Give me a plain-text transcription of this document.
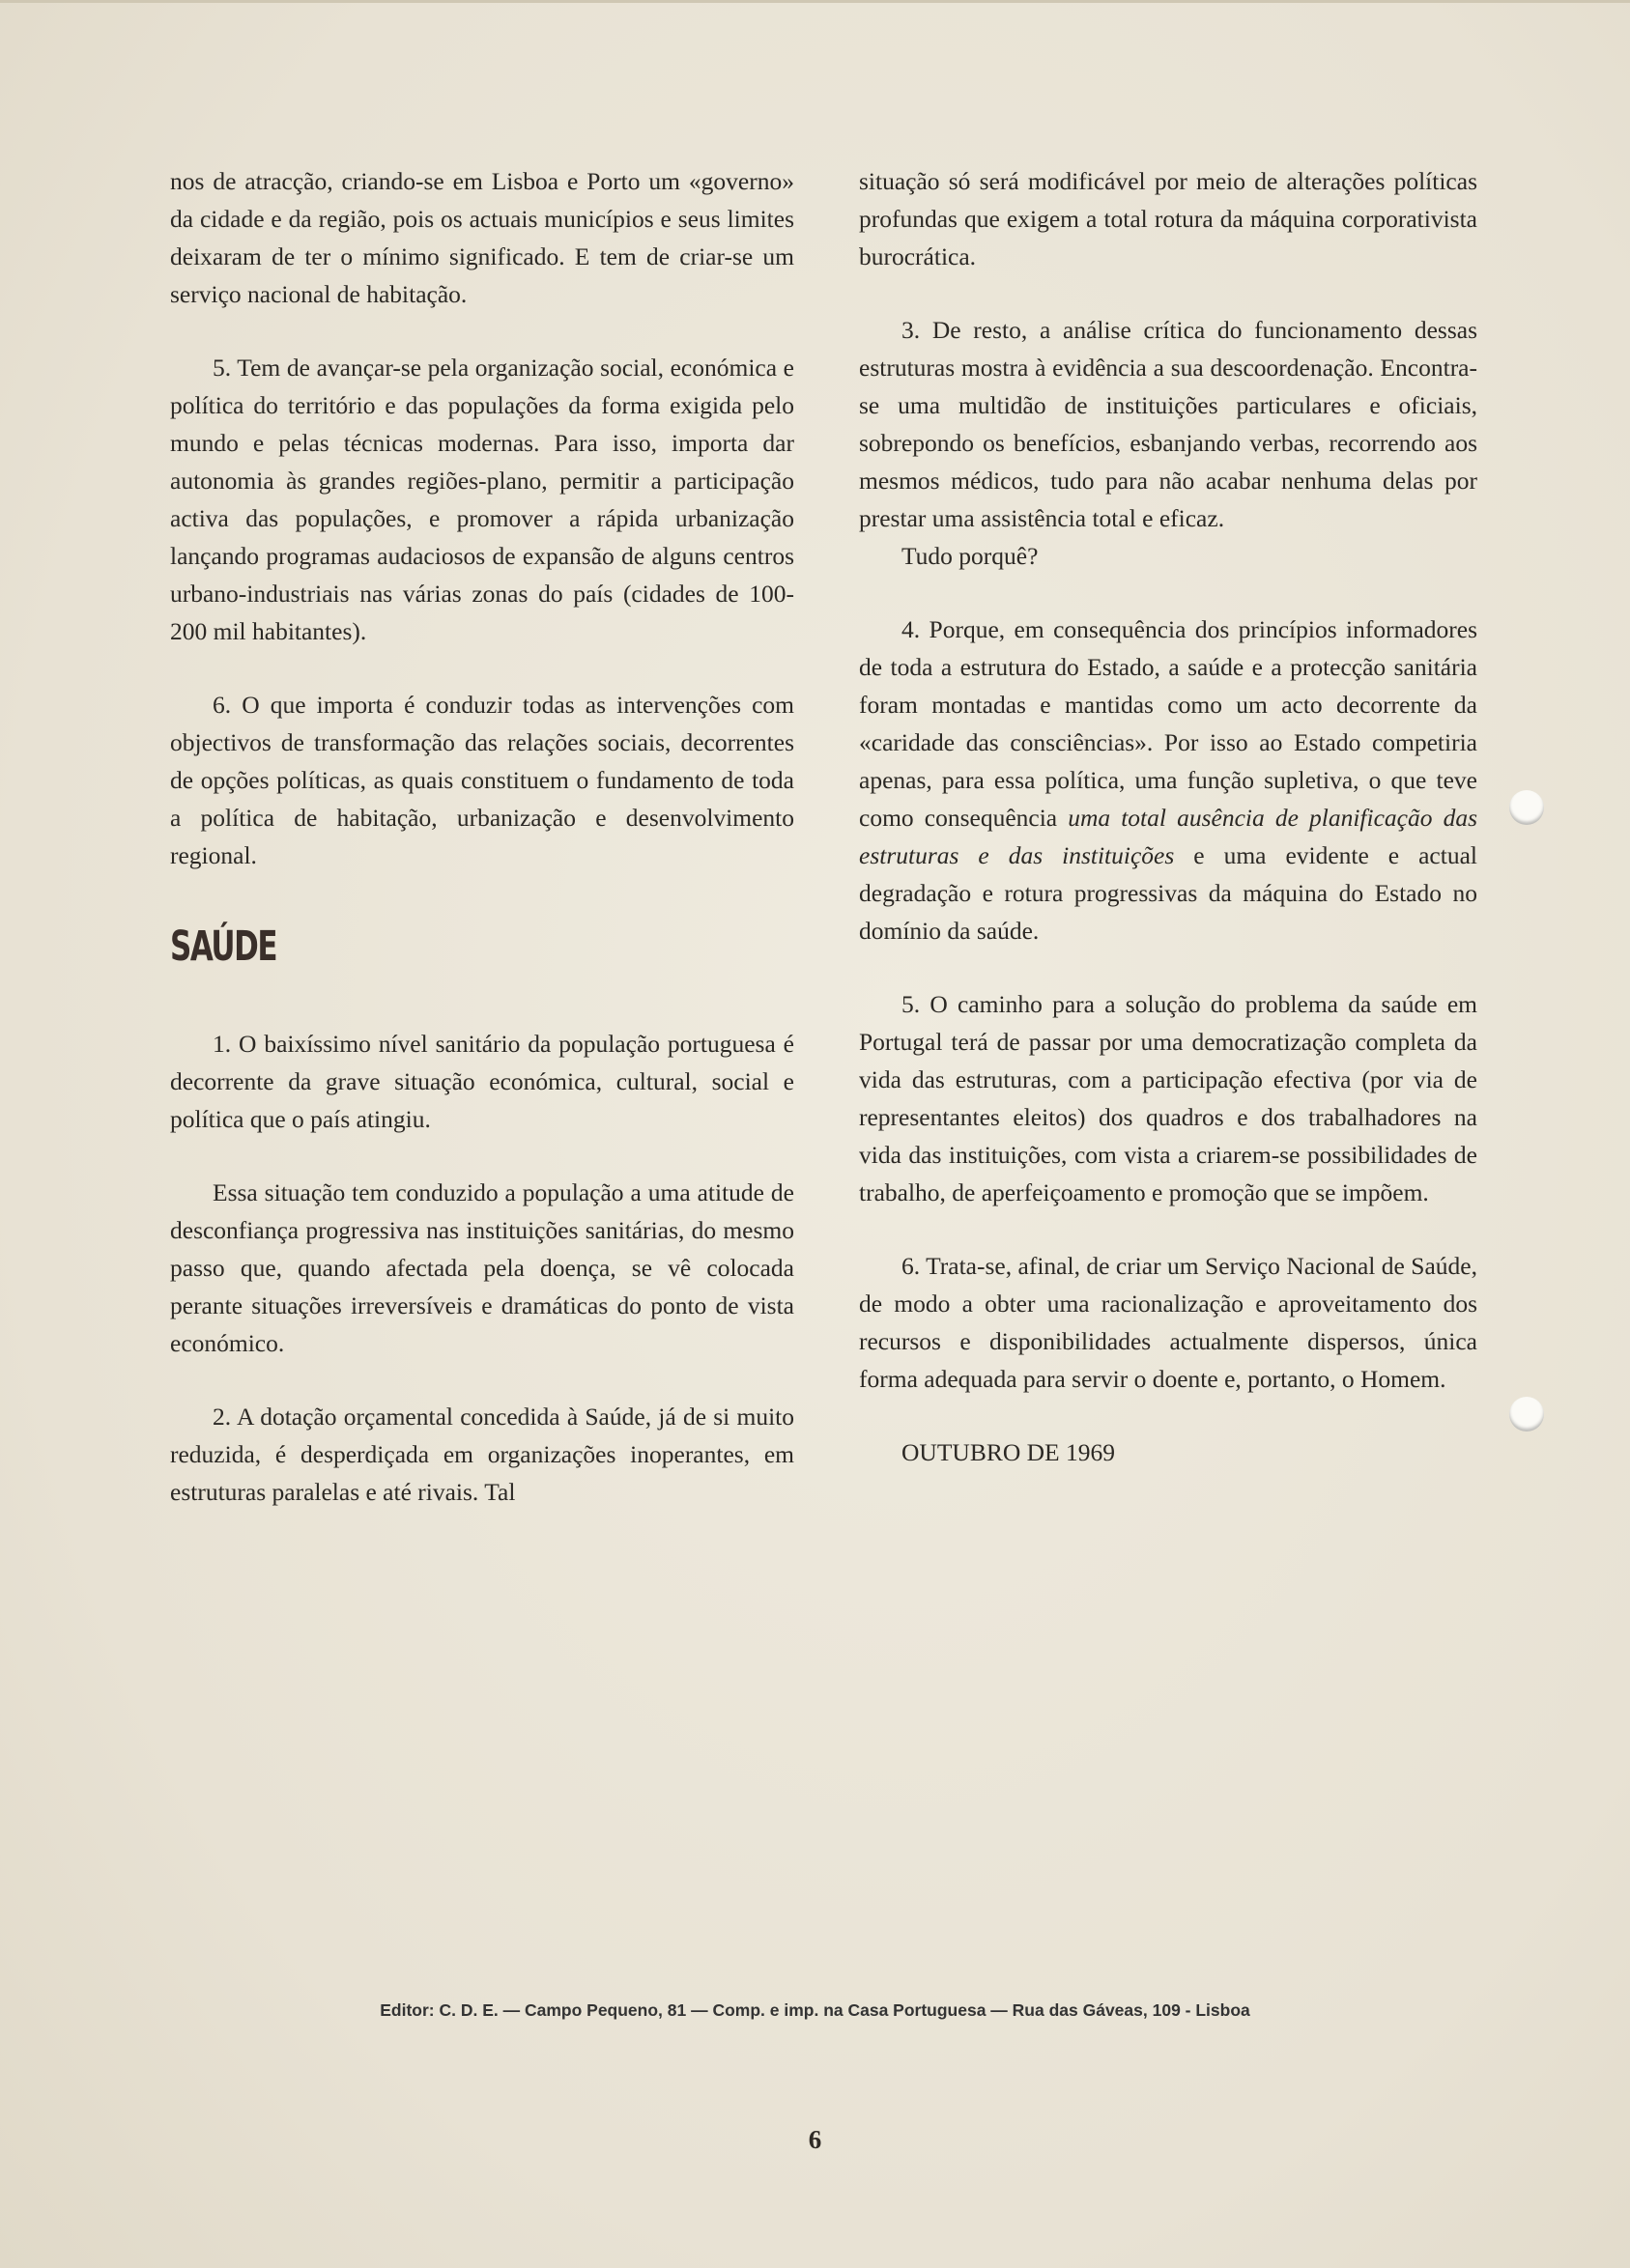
nos de atracção, criando-se em Lisboa e Porto um «governo» da cidade e da região, pois os actuais municípios e seus limites deixaram de ter o mínimo significado. E tem de criar-se um serviço nacional de habitação.

5. Tem de avançar-se pela organização social, económica e política do território e das populações da forma exigida pelo mundo e pelas técnicas modernas. Para isso, importa dar autonomia às grandes regiões-plano, permitir a participação activa das populações, e promover a rápida urbanização lançando programas audaciosos de expansão de alguns centros urbano-industriais nas várias zonas do país (cidades de 100-200 mil habitantes).

6. O que importa é conduzir todas as intervenções com objectivos de transformação das relações sociais, decorrentes de opções políticas, as quais constituem o fundamento de toda a política de habitação, urbanização e desenvolvimento regional.

SAÚDE

1. O baixíssimo nível sanitário da população portuguesa é decorrente da grave situação económica, cultural, social e política que o país atingiu.

Essa situação tem conduzido a população a uma atitude de desconfiança progressiva nas instituições sanitárias, do mesmo passo que, quando afectada pela doença, se vê colocada perante situações irreversíveis e dramáticas do ponto de vista económico.

2. A dotação orçamental concedida à Saúde, já de si muito reduzida, é desperdiçada em organizações inoperantes, em estruturas paralelas e até rivais. Tal

situação só será modificável por meio de alterações políticas profundas que exigem a total rotura da máquina corporativista burocrática.

3. De resto, a análise crítica do funcionamento dessas estruturas mostra à evidência a sua descoordenação. Encontra-se uma multidão de instituições particulares e oficiais, sobrepondo os benefícios, esbanjando verbas, recorrendo aos mesmos médicos, tudo para não acabar nenhuma delas por prestar uma assistência total e eficaz.

Tudo porquê?

4. Porque, em consequência dos princípios informadores de toda a estrutura do Estado, a saúde e a protecção sanitária foram montadas e mantidas como um acto decorrente da «caridade das consciências». Por isso ao Estado competiria apenas, para essa política, uma função supletiva, o que teve como consequência uma total ausência de planificação das estruturas e das instituições e uma evidente e actual degradação e rotura progressivas da máquina do Estado no domínio da saúde.

5. O caminho para a solução do problema da saúde em Portugal terá de passar por uma democratização completa da vida das estruturas, com a participação efectiva (por via de representantes eleitos) dos quadros e dos trabalhadores na vida das instituições, com vista a criarem-se possibilidades de trabalho, de aperfeiçoamento e promoção que se impõem.

6. Trata-se, afinal, de criar um Serviço Nacional de Saúde, de modo a obter uma racionalização e aproveitamento dos recursos e disponibilidades actualmente dispersos, única forma adequada para servir o doente e, portanto, o Homem.

OUTUBRO DE 1969

Editor: C. D. E. — Campo Pequeno, 81 — Comp. e imp. na Casa Portuguesa — Rua das Gáveas, 109 - Lisboa
6
